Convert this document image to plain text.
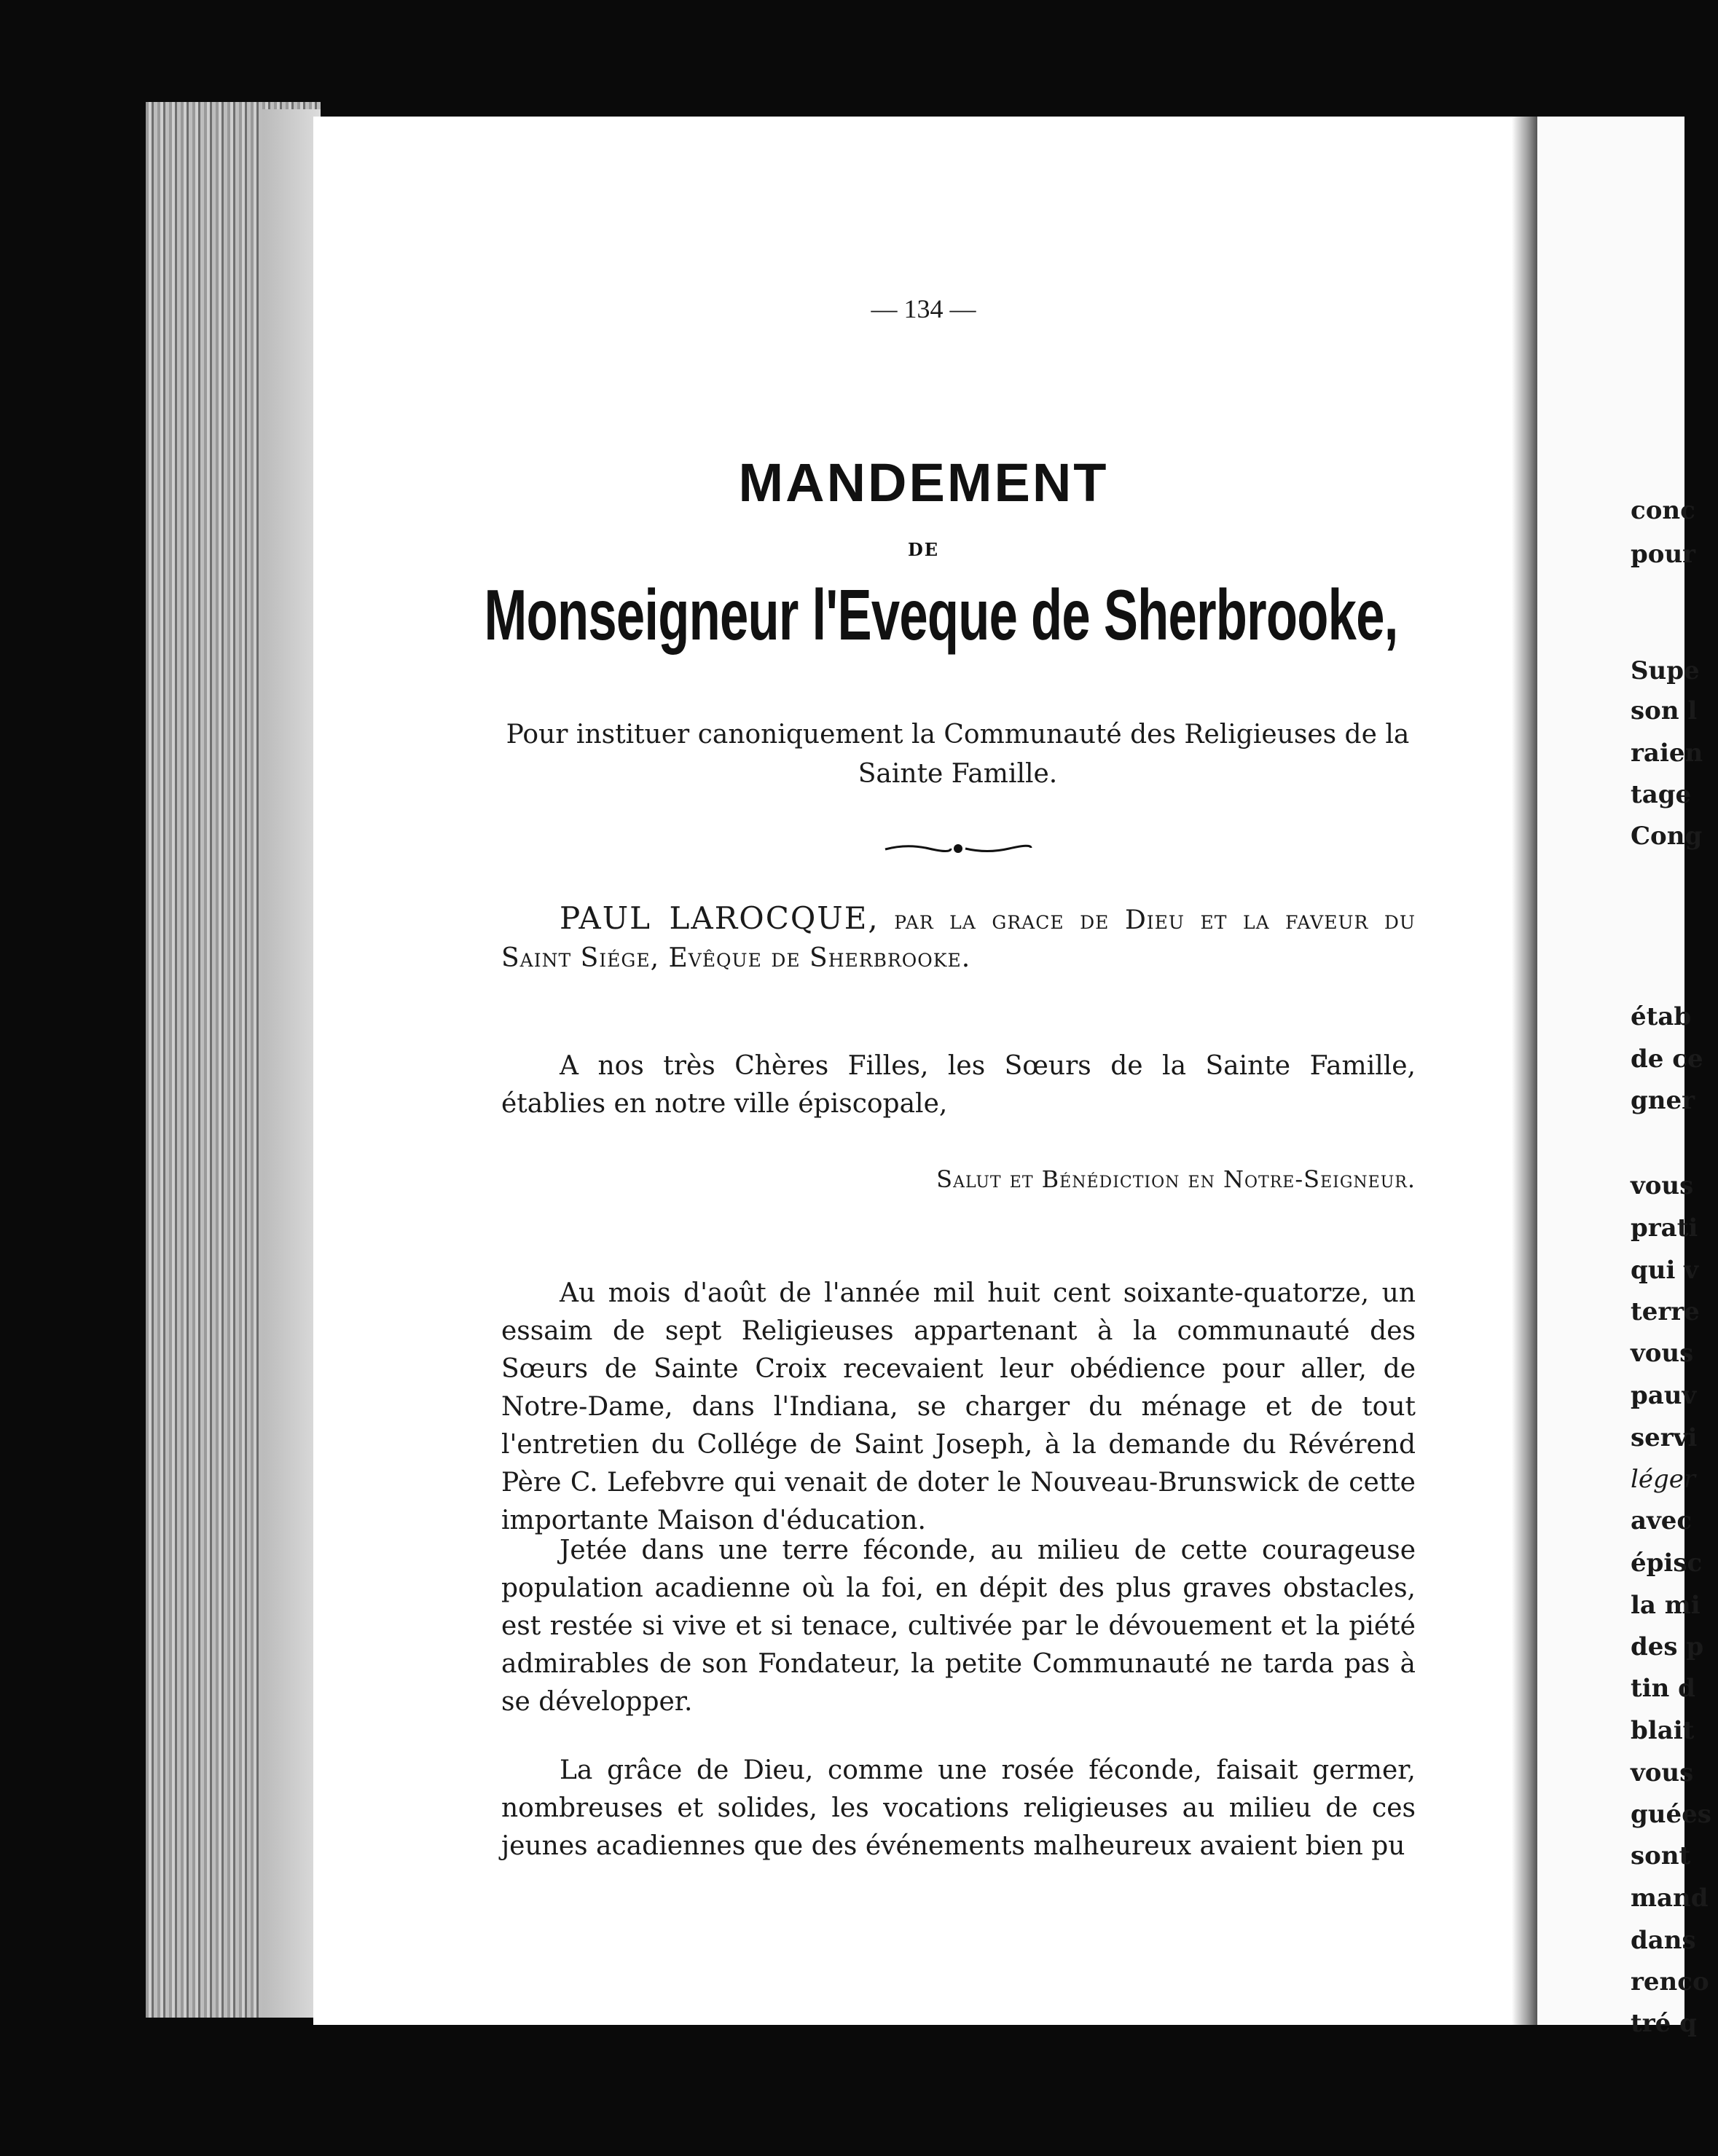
— 134 —
MANDEMENT
DE
Monseigneur l'Eveque de Sherbrooke,
Pour instituer canoniquement la Communauté des Religieuses de la Sainte Famille.
PAUL LAROCQUE, par la grace de Dieu et la faveur du Saint Siége, Evêque de Sherbrooke.
A nos très Chères Filles, les Sœurs de la Sainte Famille, établies en notre ville épiscopale,
Salut et Bénédiction en Notre-Seigneur.
Au mois d'août de l'année mil huit cent soixante-quatorze, un essaim de sept Religieuses appartenant à la communauté des Sœurs de Sainte Croix recevaient leur obédience pour aller, de Notre-Dame, dans l'Indiana, se charger du ménage et de tout l'entretien du Collége de Saint Joseph, à la demande du Révérend Père C. Lefebvre qui venait de doter le Nouveau-Brunswick de cette importante Maison d'éducation.
Jetée dans une terre féconde, au milieu de cette courageuse population acadienne où la foi, en dépit des plus graves obstacles, est restée si vive et si tenace, cultivée par le dévouement et la piété admirables de son Fondateur, la petite Communauté ne tarda pas à se développer.
La grâce de Dieu, comme une rosée féconde, faisait germer, nombreuses et solides, les vocations religieuses au milieu de ces jeunes acadiennes que des événements malheureux avaient bien pu
conc
pour
Supe
son l
raien
tage
Cong
étab
de ce
gner
vous
prati
qui v
terre
vous
pauv
servi
léger
avec
épisc
la mi
des p
tin d
blait
vous
guées
sont
mand
dans
renco
tré q
